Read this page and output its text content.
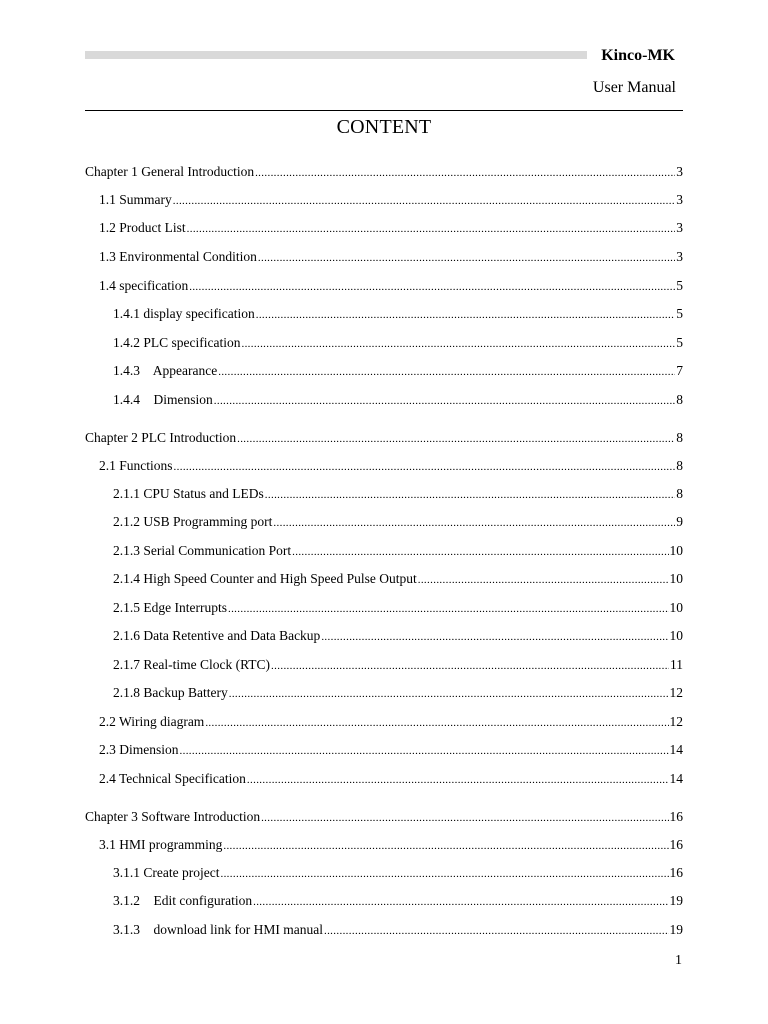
Kinco-MK
User Manual
CONTENT
Chapter 1 General Introduction .....	3
1.1 Summary .....	3
1.2 Product List .....	3
1.3 Environmental Condition .....	3
1.4 specification .....	5
1.4.1 display specification .....	5
1.4.2 PLC specification .....	5
1.4.3    Appearance .....	7
1.4.4    Dimension .....	8
Chapter 2 PLC Introduction .....	8
2.1 Functions .....	8
2.1.1 CPU Status and LEDs .....	8
2.1.2 USB Programming port .....	9
2.1.3 Serial Communication Port .....	10
2.1.4 High Speed Counter and High Speed Pulse Output .....	10
2.1.5 Edge Interrupts .....	10
2.1.6 Data Retentive and Data Backup .....	10
2.1.7 Real-time Clock (RTC) .....	11
2.1.8 Backup Battery .....	12
2.2 Wiring diagram .....	12
2.3 Dimension .....	14
2.4 Technical Specification .....	14
Chapter 3 Software Introduction .....	16
3.1 HMI programming .....	16
3.1.1 Create project .....	16
3.1.2    Edit configuration .....	19
3.1.3    download link for HMI manual .....	19
1
